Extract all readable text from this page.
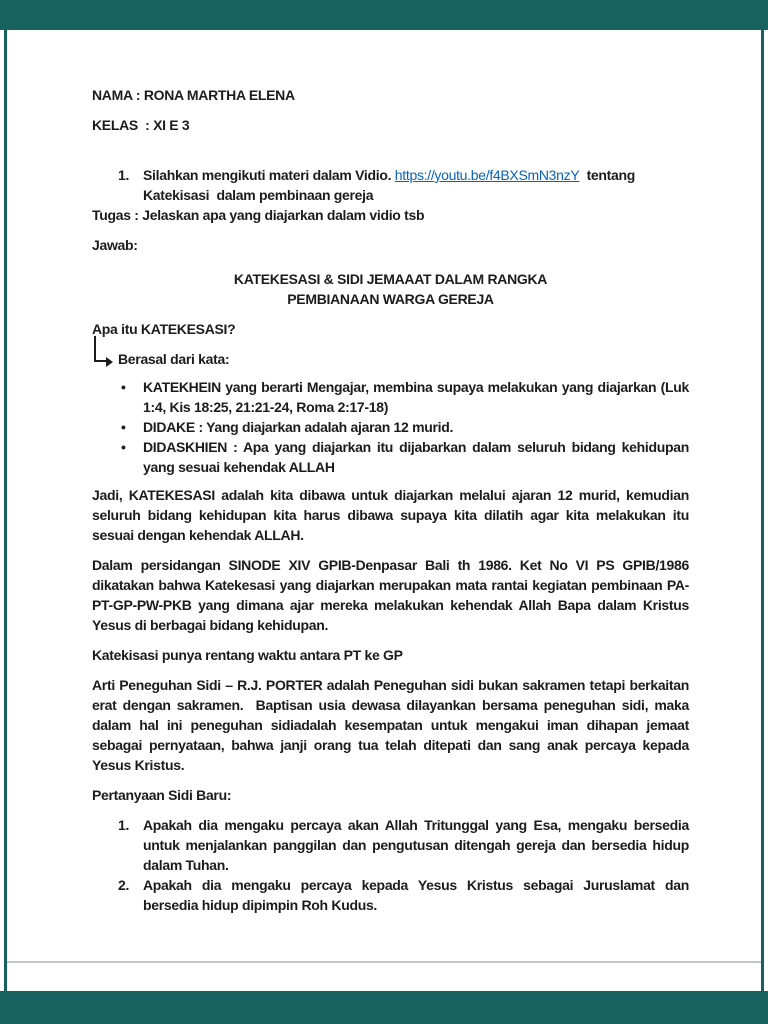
NAMA : RONA MARTHA ELENA

KELAS  : XI E 3

1. Silahkan mengikuti materi dalam Vidio. https://youtu.be/f4BXSmN3nzY  tentang
Katekisasi  dalam pembinaan gereja

Tugas : Jelaskan apa yang diajarkan dalam vidio tsb

Jawab:

KATEKESASI & SIDI JEMAAAT DALAM RANGKA

PEMBIANAAN WARGA GEREJA

Apa itu KATEKESASI?

Berasal dari kata:
•	KATEKHEIN yang berarti Mengajar, membina supaya melakukan yang diajarkan (Luk 1:4, Kis 18:25, 21:21-24, Roma 2:17-18)
•	DIDAKE : Yang diajarkan adalah ajaran 12 murid.
•	DIDASKHIEN : Apa yang diajarkan itu dijabarkan dalam seluruh bidang kehidupan yang sesuai kehendak ALLAH

Jadi, KATEKESASI adalah kita dibawa untuk diajarkan melalui ajaran 12 murid, kemudian seluruh bidang kehidupan kita harus dibawa supaya kita dilatih agar kita melakukan itu sesuai dengan kehendak ALLAH.

Dalam persidangan SINODE XIV GPIB-Denpasar Bali th 1986. Ket No VI PS GPIB/1986 dikatakan bahwa Katekesasi yang diajarkan merupakan mata rantai kegiatan pembinaan PA-PT-GP-PW-PKB yang dimana ajar mereka melakukan kehendak Allah Bapa dalam Kristus Yesus di berbagai bidang kehidupan.

Katekisasi punya rentang waktu antara PT ke GP

Arti Peneguhan Sidi – R.J. PORTER adalah Peneguhan sidi bukan sakramen tetapi berkaitan erat dengan sakramen.  Baptisan usia dewasa dilayankan bersama peneguhan sidi, maka dalam hal ini peneguhan sidiadalah kesempatan untuk mengakui iman dihapan jemaat sebagai pernyataan, bahwa janji orang tua telah ditepati dan sang anak percaya kepada Yesus Kristus.

Pertanyaan Sidi Baru:

1. Apakah dia mengaku percaya akan Allah Tritunggal yang Esa, mengaku bersedia untuk menjalankan panggilan dan pengutusan ditengah gereja dan bersedia hidup dalam Tuhan.
2. Apakah dia mengaku percaya kepada Yesus Kristus sebagai Juruslamat dan bersedia hidup dipimpin Roh Kudus.
